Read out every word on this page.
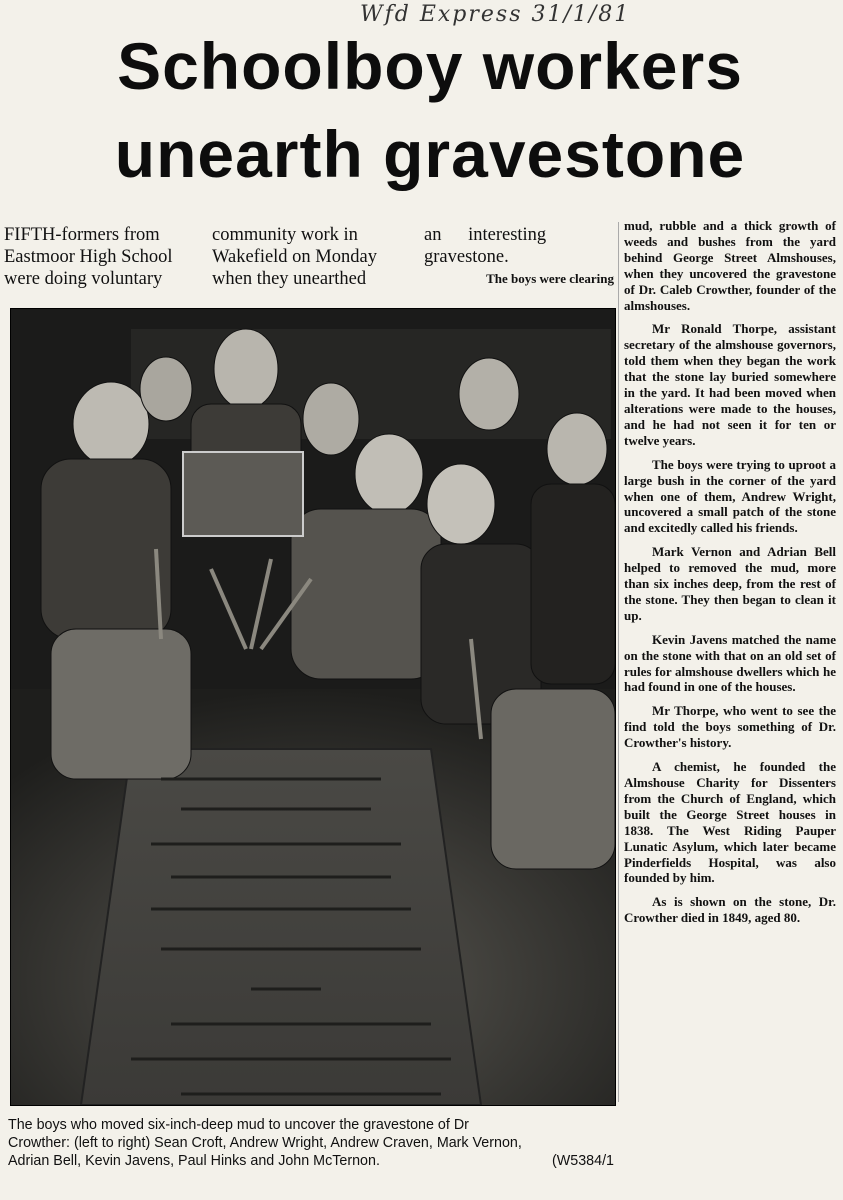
Wfd Express 31/1/81
Schoolboy workers
unearth gravestone
FIFTH-formers from
Eastmoor High School
were doing voluntary
community work in
Wakefield on Monday
when they unearthed
an interesting
gravestone.
The boys were clearing

mud, rubble and a thick growth of weeds and bushes from the yard behind George Street Almshouses, when they uncovered the gravestone of Dr. Caleb Crowther, founder of the almshouses.

Mr Ronald Thorpe, assistant secretary of the almshouse governors, told them when they began the work that the stone lay buried somewhere in the yard. It had been moved when alterations were made to the houses, and he had not seen it for ten or twelve years.

The boys were trying to uproot a large bush in the corner of the yard when one of them, Andrew Wright, uncovered a small patch of the stone and excitedly called his friends.

Mark Vernon and Adrian Bell helped to removed the mud, more than six inches deep, from the rest of the stone. They then began to clean it up.

Kevin Javens matched the name on the stone with that on an old set of rules for almshouse dwellers which he had found in one of the houses.

Mr Thorpe, who went to see the find told the boys something of Dr. Crowther's history.

A chemist, he founded the Almshouse Charity for Dissenters from the Church of England, which built the George Street houses in 1838. The West Riding Pauper Lunatic Asylum, which later became Pinderfields Hospital, was also founded by him.

As is shown on the stone, Dr. Crowther died in 1849, aged 80.

The boys who moved six-inch-deep mud to uncover the gravestone of Dr
Crowther: (left to right) Sean Croft, Andrew Wright, Andrew Craven, Mark Vernon,
Adrian Bell, Kevin Javens, Paul Hinks and John McTernon.	(W5384/1
